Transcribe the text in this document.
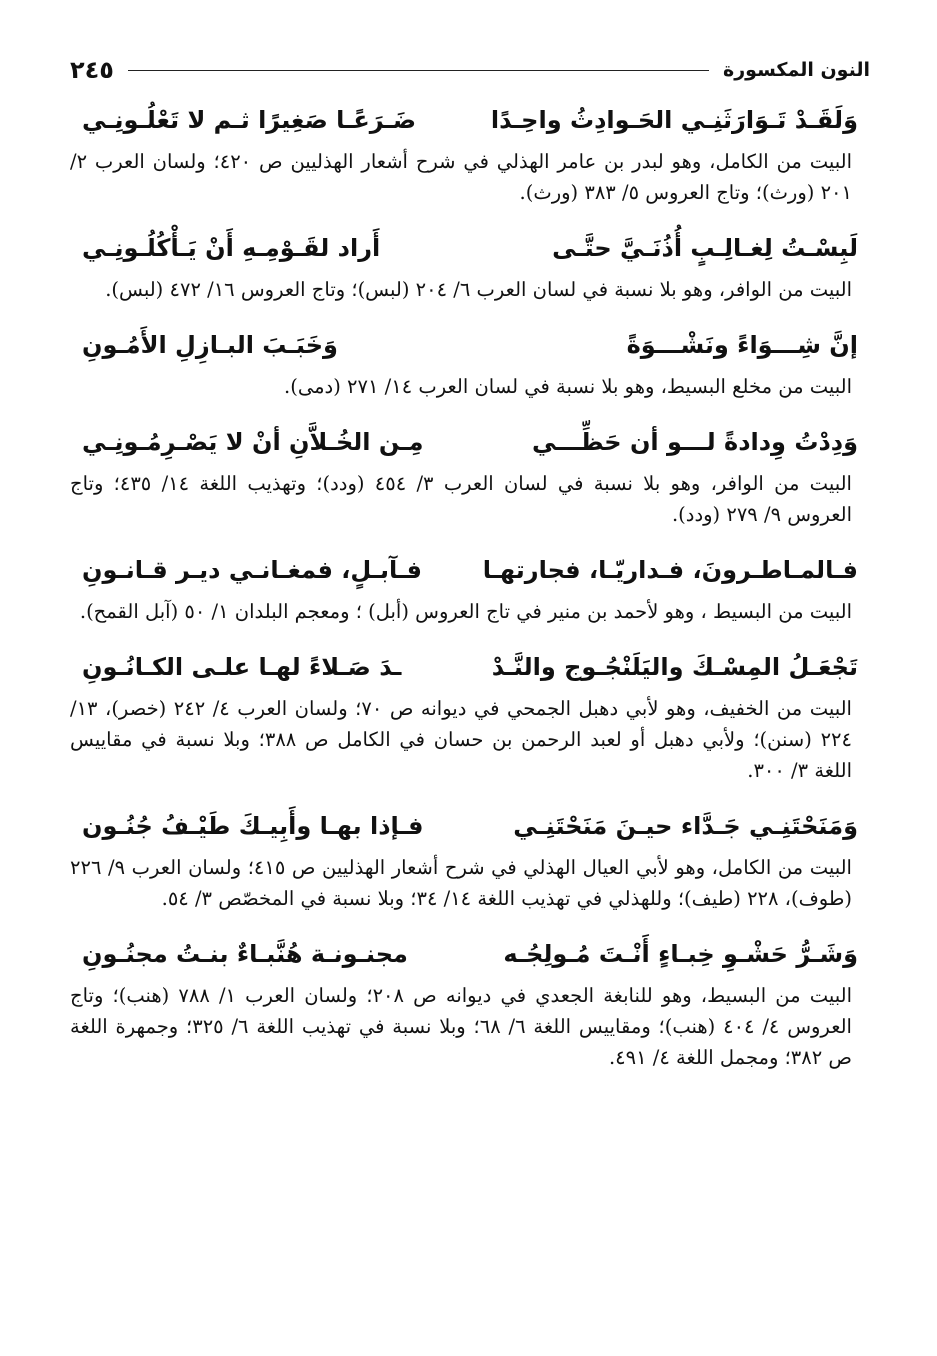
النون المكسورة
٢٤٥
وَلَقَـدْ تَـوَارَثَنِـي الحَـوادِثُ واحِـدًا
ضَـرَعًـا صَغِيرًا ثـم لا تَعْلُـونِـي

البيت من الكامل، وهو لبدر بن عامر الهذلي في شرح أشعار الهذليين ص ٤٢٠؛ ولسان العرب ٢/ ٢٠١ (ورث)؛ وتاج العروس ٥/ ٣٨٣ (ورث).

لَبِسْـتُ لِغـالِـبٍ أُذُنَـيَّ حتَّـى
أَراد لقَـوْمِـهِ أَنْ يَـأْكُلُـونِـي

البيت من الوافر، وهو بلا نسبة في لسان العرب ٦/ ٢٠٤ (لبس)؛ وتاج العروس ١٦/ ٤٧٢ (لبس).

إنَّ شِـــوَاءً ونَشْـــوَةً
وَخَبَـبَ البـازِلِ الأَمُـونِ

البيت من مخلع البسيط، وهو بلا نسبة في لسان العرب ١٤/ ٢٧١ (دمى).

وَدِدْتُ وِدادةً لـــو أن حَظِّـــي
مِـن الخُـلاَّنِ أنْ لا يَصْـرِمُـونِـي

البيت من الوافر، وهو بلا نسبة في لسان العرب ٣/ ٤٥٤ (ودد)؛ وتهذيب اللغة ١٤/ ٤٣٥؛ وتاج العروس ٩/ ٢٧٩ (ودد).

فـالمـاطـرونَ، فـداريّـا، فجارتهـا
فـآبـلٍ، فمغـانـي ديـر قـانـونِ

البيت من البسيط ، وهو لأحمد بن منير في تاج العروس (أبل) ؛ ومعجم البلدان ١/ ٥٠ (آبل القمح).

تَجْعَـلُ المِسْـكَ واليَلَنْجُـوج والنَّـدْ
ـدَ صَـلاءً لهـا علـى الكـانُـونِ

البيت من الخفيف، وهو لأبي دهبل الجمحي في ديوانه ص ٧٠؛ ولسان العرب ٤/ ٢٤٢ (خصر)، ١٣/ ٢٢٤ (سنن)؛ ولأبي دهبل أو لعبد الرحمن بن حسان في الكامل ص ٣٨٨؛ وبلا نسبة في مقاييس اللغة ٣/ ٣٠٠.

وَمَنَحْتَنِـي جَـدَّاء حيـنَ مَنَحْتَنِـي
فـإذا بهـا وأَبِيـكَ طَيْـفُ جُنُـون

البيت من الكامل، وهو لأبي العيال الهذلي في شرح أشعار الهذليين ص ٤١٥؛ ولسان العرب ٩/ ٢٢٦ (طوف)، ٢٢٨ (طيف)؛ وللهذلي في تهذيب اللغة ١٤/ ٣٤؛ وبلا نسبة في المخصّص ٣/ ٥٤.

وَشَـرُّ حَشْـوِ خِبـاءٍ أَنْـتَ مُـولِجُـه
مجنـونـة هُنَّبـاءٌ بنـتُ مجنُـونِ

البيت من البسيط، وهو للنابغة الجعدي في ديوانه ص ٢٠٨؛ ولسان العرب ١/ ٧٨٨ (هنب)؛ وتاج العروس ٤/ ٤٠٤ (هنب)؛ ومقاييس اللغة ٦/ ٦٨؛ وبلا نسبة في تهذيب اللغة ٦/ ٣٢٥؛ وجمهرة اللغة ص ٣٨٢؛ ومجمل اللغة ٤/ ٤٩١.
